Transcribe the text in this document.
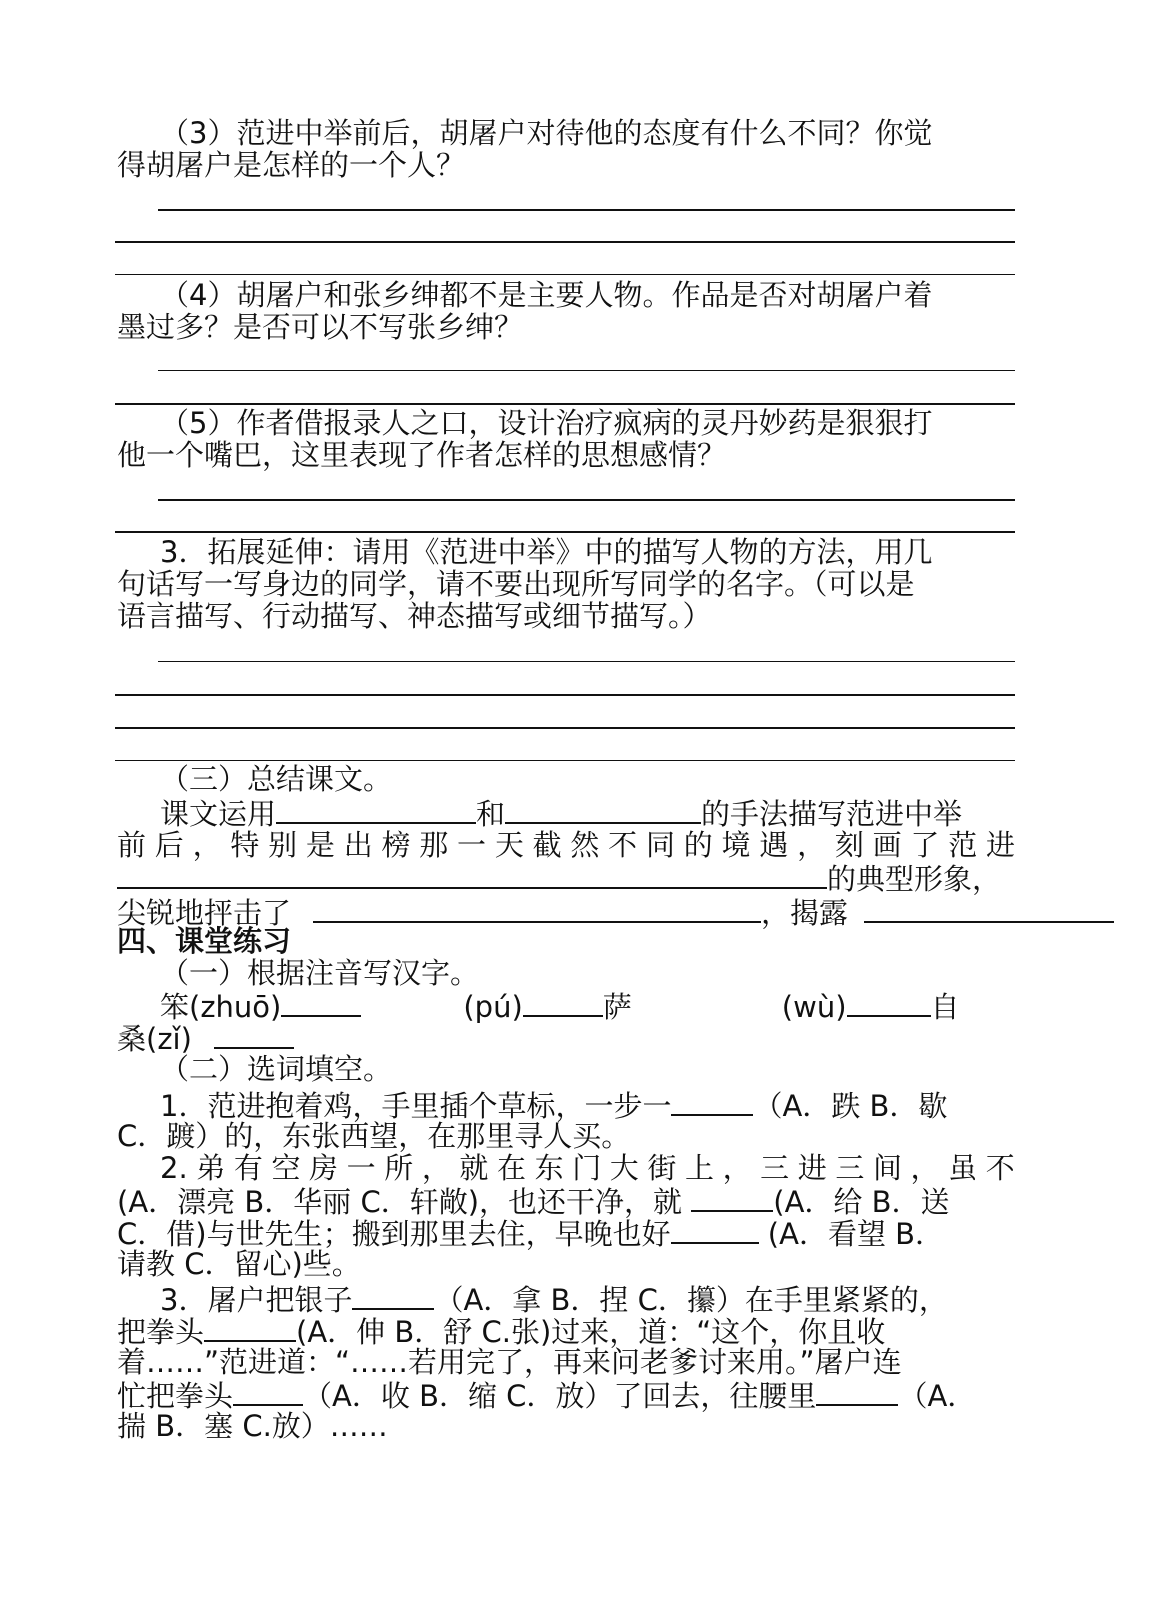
（3）范进中举前后，胡屠户对待他的态度有什么不同？你觉
得胡屠户是怎样的一个人？
（4）胡屠户和张乡绅都不是主要人物。作品是否对胡屠户着
墨过多？是否可以不写张乡绅？
（5）作者借报录人之口，设计治疗疯病的灵丹妙药是狠狠打
他一个嘴巴，这里表现了作者怎样的思想感情？
3．拓展延伸：请用《范进中举》中的描写人物的方法，用几
句话写一写身边的同学，请不要出现所写同学的名字。（可以是
语言描写、行动描写、神态描写或细节描写。）
（三）总结课文。
课文运用	和	的手法描写范进中举
前 后 ， 特 别 是 出 榜 那 一 天 截 然 不 同 的 境 遇 ， 刻 画 了 范 进
的典型形象，
尖锐地抨击了	，揭露
四、课堂练习
（一）根据注音写汉字。
笨(zhuō)	(pú)	萨	(wù)	自
桑(zǐ)
（二）选词填空。
1．范进抱着鸡，手里插个草标，一步一	（A．跌 B．歇
C．踱）的，东张西望，在那里寻人买。
2. 弟 有 空 房 一 所 ， 就 在 东 门 大 街 上 ， 三 进 三 间 ， 虽 不
(A．漂亮 B．华丽 C．轩敞)，也还干净，就	(A．给 B．送
C．借)与世先生；搬到那里去住，早晚也好	(A．看望 B．
请教 C．留心)些。
3．屠户把银子	（A．拿 B．捏 C．攥）在手里紧紧的，
把拳头	(A．伸 B．舒 C.张)过来，道：“这个，你且收
着……”范进道：“……若用完了，再来问老爹讨来用。”屠户连
忙把拳头 （A．收 B．缩 C．放）了回去，往腰里	（A．
揣 B．塞 C.放）……
